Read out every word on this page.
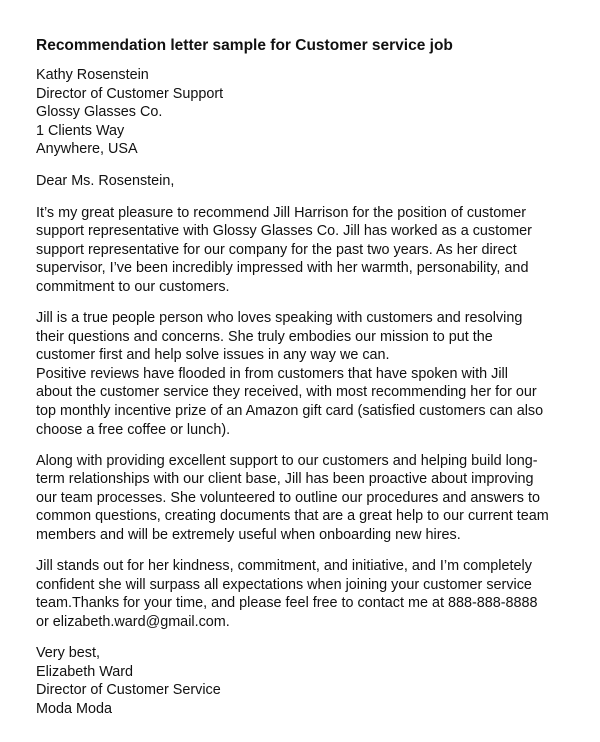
Recommendation letter sample for Customer service job
Kathy Rosenstein
Director of Customer Support
Glossy Glasses Co.
1 Clients Way
Anywhere, USA
Dear Ms. Rosenstein,
It’s my great pleasure to recommend Jill Harrison for the position of customer
support representative with Glossy Glasses Co. Jill has worked as a customer
support representative for our company for the past two years. As her direct
supervisor, I’ve been incredibly impressed with her warmth, personability, and
commitment to our customers.
Jill is a true people person who loves speaking with customers and resolving
their questions and concerns. She truly embodies our mission to put the
customer first and help solve issues in any way we can.
Positive reviews have flooded in from customers that have spoken with Jill
about the customer service they received, with most recommending her for our
top monthly incentive prize of an Amazon gift card (satisfied customers can also
choose a free coffee or lunch).
Along with providing excellent support to our customers and helping build long-
term relationships with our client base, Jill has been proactive about improving
our team processes. She volunteered to outline our procedures and answers to
common questions, creating documents that are a great help to our current team
members and will be extremely useful when onboarding new hires.
Jill stands out for her kindness, commitment, and initiative, and I’m completely
confident she will surpass all expectations when joining your customer service
team.Thanks for your time, and please feel free to contact me at 888-888-8888
or elizabeth.ward@gmail.com.
Very best,
Elizabeth Ward
Director of Customer Service
Moda Moda
